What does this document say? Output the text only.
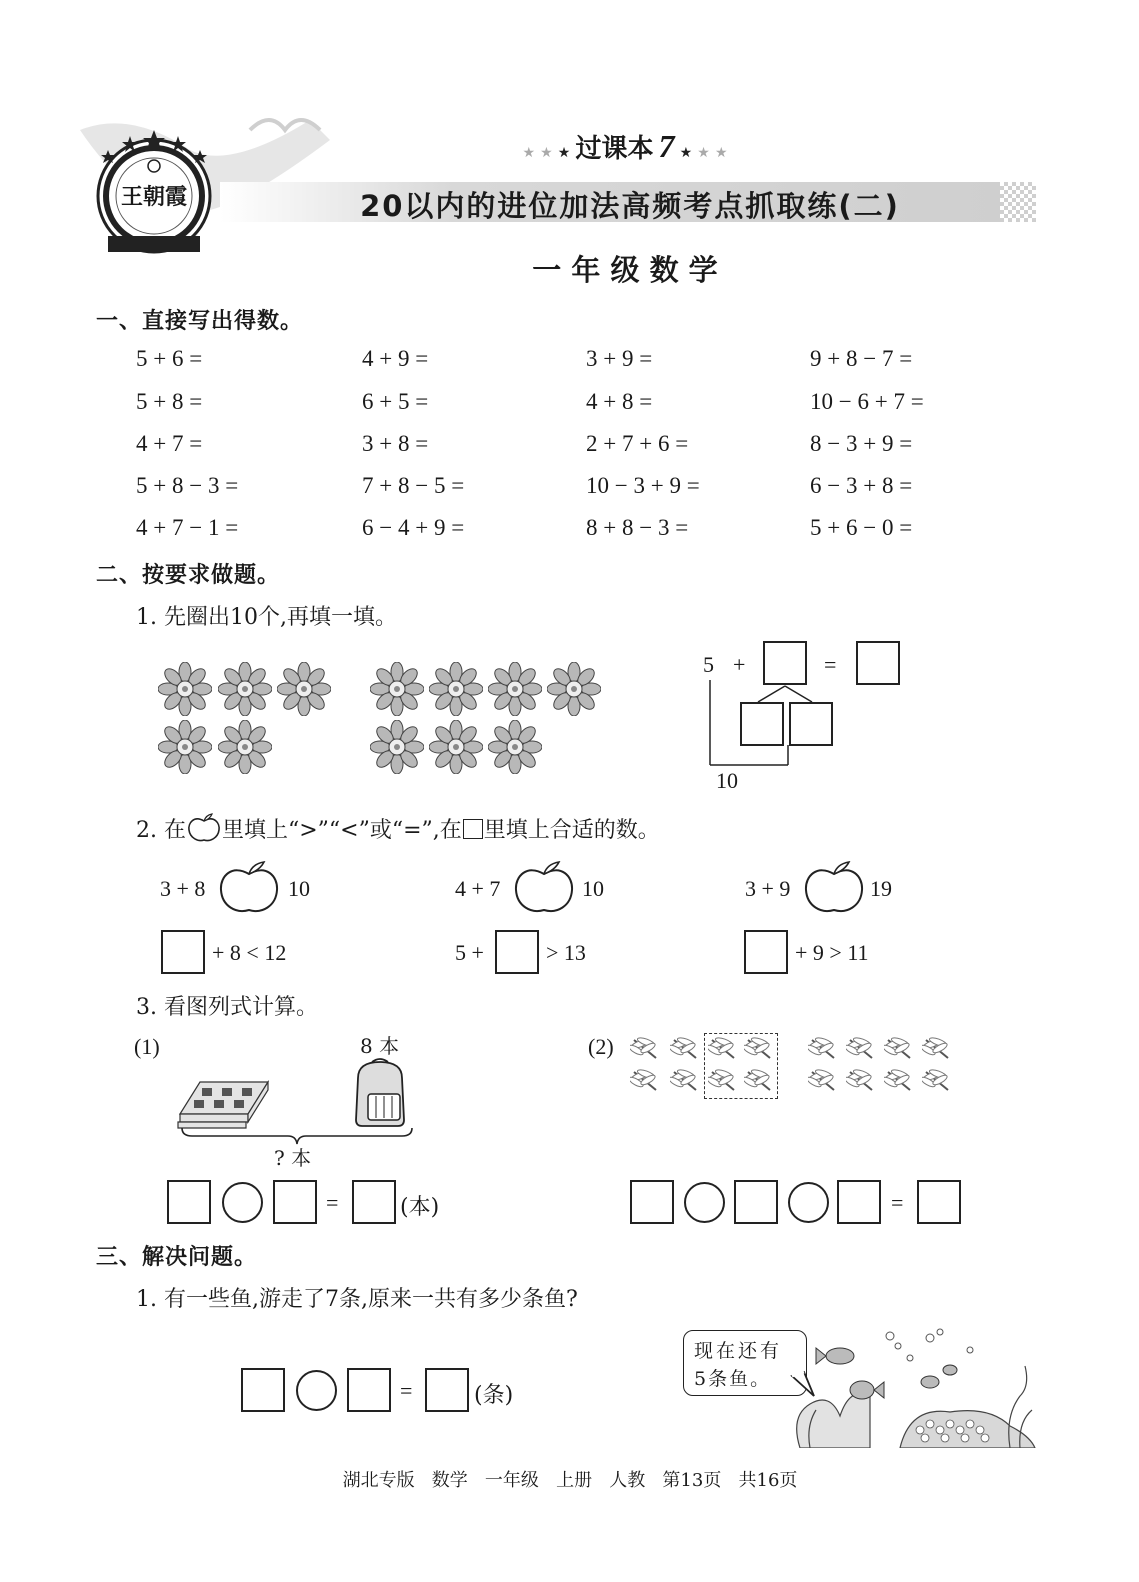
王朝霞
★ ★ ★ 过课本 7 ★ ★ ★
20以内的进位加法高频考点抓取练(二)
一 年 级 数 学
一、直接写出得数。
5 + 6 =	4 + 9 =	3 + 9 =	9 + 8 − 7 =
5 + 8 =	6 + 5 =	4 + 8 =	10 − 6 + 7 =
4 + 7 =	3 + 8 =	2 + 7 + 6 =	8 − 3 + 9 =
5 + 8 − 3 =	7 + 8 − 5 =	10 − 3 + 9 =	6 − 3 + 8 =
4 + 7 − 1 =	6 − 4 + 9 =	8 + 8 − 3 =	5 + 6 − 0 =
二、按要求做题。
1. 先圈出10个,再填一填。
5 +	=
10
2. 在 里填上“>”“<”或“=”,在 里填上合适的数。
3 + 8	10	4 + 7	10	3 + 9	19
+ 8 < 12	5 +	> 13	+ 9 > 11
3. 看图列式计算。
(1)	8 本
? 本
=	(本)
(2)
=
三、解决问题。
1. 有一些鱼,游走了7条,原来一共有多少条鱼?
=	(条)
现在还有
5条鱼。
湖北专版   数学   一年级   上册   人教   第13页   共16页
